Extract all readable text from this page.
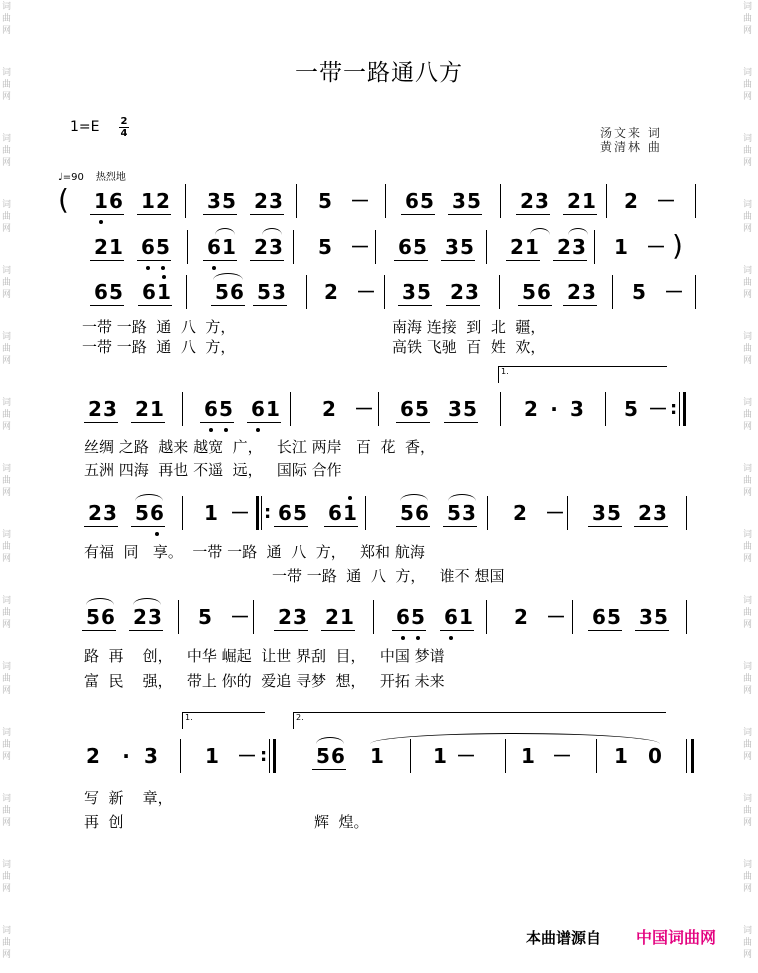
词
曲
网
词
曲
网
词
曲
网
词
曲
网
词
曲
网
词
曲
网
词
曲
网
词
曲
网
词
曲
网
词
曲
网
词
曲
网
词
曲
网
词
曲
网
词
曲
网
词
曲
网
词
曲
网
词
曲
网
词
曲
网
词
曲
网
词
曲
网
词
曲
网
词
曲
网
词
曲
网
词
曲
网
词
曲
网
词
曲
网
词
曲
网
词
曲
网
词
曲
网
词
曲
网
一带一路通八方
1=E 2
4	汤文来 词
黄清林 曲
♩=90 热烈地
1 6 1 2 3 5 2 3 5 － 6 5 3 5 2 3 2 1 2 －
(
2 1 6 5 6 1 2 3 5 － 6 5 3 5 2 1 2 3 1 － )
6 5 6 1 5 6 5 3 2 － 3 5 2 3 5 6 2 3 5 －
2 3 2 1 6 5 6 1 2 － 6 5 3 5 2 · 3 5 － :
2 3 5 6 1 － 6 5 6 1 5 6 5 3 2 － 3 5 2 3
:
5 6 2 3 5 － 2 3 2 1 6 5 6 1 2 － 6 5 3 5
2 · 3 1 －	5 6 1 1 － 1 － 1 0
:
一带 一路  通  八  方，
一带 一路  通  八  方，
南海 连接  到  北  疆，
高铁 飞驰  百  姓  欢，
丝绸 之路  越来 越宽  广，   长江 两岸   百  花  香，
五洲 四海  再也 不遥  远，   国际 合作
有福  同   享。  一带 一路  通  八  方，   郑和 航海
一带 一路  通  八  方，   谁不 想国
路  再    创，   中华 崛起  让世 界刮  目，   中国 梦谱
富  民    强，   带上 你的  爱追 寻梦  想，   开拓 未来
写  新    章，
再  创	辉  煌。
1.
1.	2.
本曲谱源自 中国词曲网
